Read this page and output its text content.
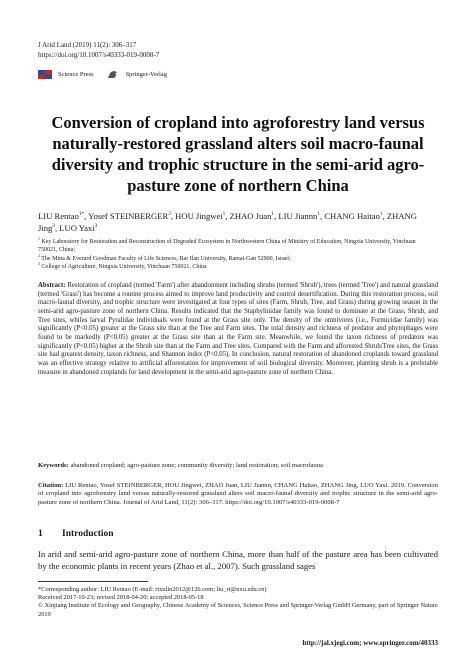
J Arid Land (2019) 11(2): 306–317
https://doi.org/10.1007/s40333-019-0008-7
Science Press	Springer-Verlag
Conversion of cropland into agroforestry land versus naturally-restored grassland alters soil macro-faunal diversity and trophic structure in the semi-arid agro-pasture zone of northern China
LIU Rentao$^{1*}$, Yosef STEINBERGER$^2$, HOU Jingwei$^1$, ZHAO Juan$^1$, LIU Jiannn$^1$, CHANG Haitao$^1$, ZHANG Jing$^3$, LUO Yaxi$^3$
$^1$ Key Laboratory for Restoration and Reconstruction of Degraded Ecosystem in Northwestern China of Ministry of Education, Ningxia University, Yinchuan 750021, China;
$^2$ The Mina & Everard Goodman Faculty of Life Sciences, Bar Ilan University, Ramat-Gan 52900, Israel;
$^3$ College of Agriculture, Ningxia University, Yinchuan 750021, China
Abstract: Restoration of cropland (termed 'Farm') after abandonment including shrubs (termed 'Shrub'), trees (termed 'Tree') and natural grassland (termed 'Grass') has become a routine process aimed to improve land productivity and control desertification. During this restoration process, soil macro-faunal diversity, and trophic structure were investigated at four types of sites (Farm, Shrub, Tree, and Grass) during growing season in the semi-arid agro-pasture zone of northern China. Results indicated that the Staphylinidae family was found to dominate at the Grass, Shrub, and Tree sites, whiles larval Pyralidae individuals were found at the Grass site only. The density of the omnivores (i.e., Formicidae family) was significantly (P<0.05) greater at the Grass site than at the Tree and Farm sites. The total density and richness of predator and phytophages were found to be markedly (P<0.05) greater at the Grass site than at the Farm site. Meanwhile, we found the taxon richness of predators was significantly (P<0.05) higher at the Shrub site than at the Farm and Tree sites. Compared with the Farm and afforested Shrub/Tree sites, the Grass site had greatest density, taxon richness, and Shannon index (P<0.05). In conclusion, natural restoration of abandoned croplands toward grassland was an effective strategy relative to artificial afforestation for improvement of soil biological diversity. Moreover, planting shrub is a preferable measure in abandoned croplands for land development in the semi-arid agro-pasture zone of northern China.
Keywords: abandoned cropland; agro-pasture zone; community diversity; land restoration; soil macrofauna
Citation: LIU Rentao, Yosef STEINBERGER, HOU Jingwei, ZHAO Juan, LIU Jiannn, CHANG Haitao, ZHANG Jing, LUO Yaxi. 2019. Conversion of cropland into agroforestry land versus naturally-restored grassland alters soil macro-faunal diversity and trophic structure in the semi-arid agro-pasture zone of northern China. Journal of Arid Land, 11(2): 306–317. https://doi.org/10.1007/s40333-019-0008-7
1 Introduction
In arid and semi-arid agro-pasture zone of northern China, more than half of the pasture area has been cultivated by the economic plants in recent years (Zhao et al., 2007). Such grassland sages
*Corresponding author: LIU Rentao (E-mail: rtxulin2012@126.com; liu_rt@nxu.edu.cn)
Received 2017-10-23; revised 2018-04-20; accepted 2018-05-18
© Xinjiang Institute of Ecology and Geography, Chinese Academy of Sciences, Science Press and Springer-Verlag GmbH Germany, part of Springer Nature 2019
http://jal.xjegi.com; www.springer.com/40333
